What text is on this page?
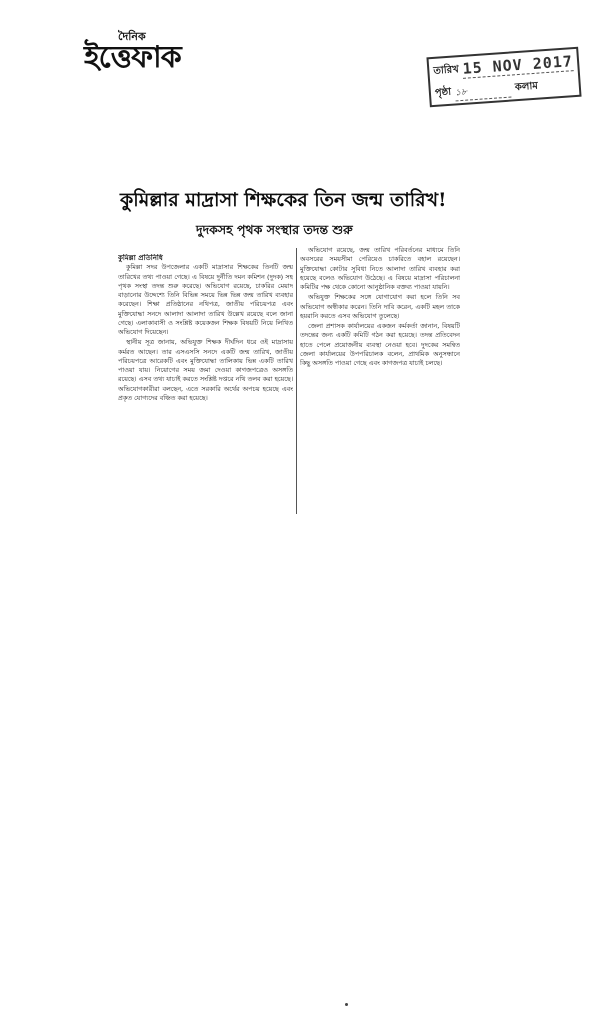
দৈনিক
ইত্তেফাক	তারিখ 15 NOV 2017
পৃষ্ঠা ১৮	কলাম
কুমিল্লার মাদ্রাসা শিক্ষকের তিন জন্ম তারিখ!
দুদকসহ পৃথক সংস্থার তদন্ত শুরু
কুমিল্লা প্রতিনিধি

কুমিল্লা সদর উপজেলার একটি মাদ্রাসার শিক্ষকের তিনটি জন্ম তারিখের তথ্য পাওয়া গেছে। এ বিষয়ে দুর্নীতি দমন কমিশন (দুদক) সহ পৃথক সংস্থা তদন্ত শুরু করেছে। অভিযোগ রয়েছে, চাকরির মেয়াদ বাড়ানোর উদ্দেশ্যে তিনি বিভিন্ন সময়ে ভিন্ন ভিন্ন জন্ম তারিখ ব্যবহার করেছেন। শিক্ষা প্রতিষ্ঠানের নথিপত্র, জাতীয় পরিচয়পত্র এবং মুক্তিযোদ্ধা সনদে আলাদা আলাদা তারিখ উল্লেখ রয়েছে বলে জানা গেছে। এলাকাবাসী ও সংশ্লিষ্ট কয়েকজন শিক্ষক বিষয়টি নিয়ে লিখিত অভিযোগ দিয়েছেন।

স্থানীয় সূত্র জানায়, অভিযুক্ত শিক্ষক দীর্ঘদিন ধরে ওই মাদ্রাসায় কর্মরত আছেন। তার এসএসসি সনদে একটি জন্ম তারিখ, জাতীয় পরিচয়পত্রে আরেকটি এবং মুক্তিযোদ্ধা তালিকায় ভিন্ন একটি তারিখ পাওয়া যায়। নিয়োগের সময় জমা দেওয়া কাগজপত্রেও অসঙ্গতি রয়েছে। এসব তথ্য যাচাই করতে সংশ্লিষ্ট দপ্তরে নথি তলব করা হয়েছে। অভিযোগকারীরা বলছেন, এতে সরকারি অর্থের অপচয় হয়েছে এবং প্রকৃত যোগ্যদের বঞ্চিত করা হয়েছে।

অভিযোগ রয়েছে, জন্ম তারিখ পরিবর্তনের মাধ্যমে তিনি অবসরের সময়সীমা পেরিয়েও চাকরিতে বহাল রয়েছেন। মুক্তিযোদ্ধা কোটার সুবিধা নিতে আলাদা তারিখ ব্যবহার করা হয়েছে বলেও অভিযোগ উঠেছে। এ বিষয়ে মাদ্রাসা পরিচালনা কমিটির পক্ষ থেকে কোনো আনুষ্ঠানিক বক্তব্য পাওয়া যায়নি।

অভিযুক্ত শিক্ষকের সঙ্গে যোগাযোগ করা হলে তিনি সব অভিযোগ অস্বীকার করেন। তিনি দাবি করেন, একটি মহল তাকে হয়রানি করতে এসব অভিযোগ তুলেছে।

জেলা প্রশাসক কার্যালয়ের একজন কর্মকর্তা জানান, বিষয়টি তদন্তের জন্য একটি কমিটি গঠন করা হয়েছে। তদন্ত প্রতিবেদন হাতে পেলে প্রয়োজনীয় ব্যবস্থা নেওয়া হবে। দুদকের সমন্বিত জেলা কার্যালয়ের উপপরিচালক বলেন, প্রাথমিক অনুসন্ধানে কিছু অসঙ্গতি পাওয়া গেছে এবং কাগজপত্র যাচাই চলছে।
